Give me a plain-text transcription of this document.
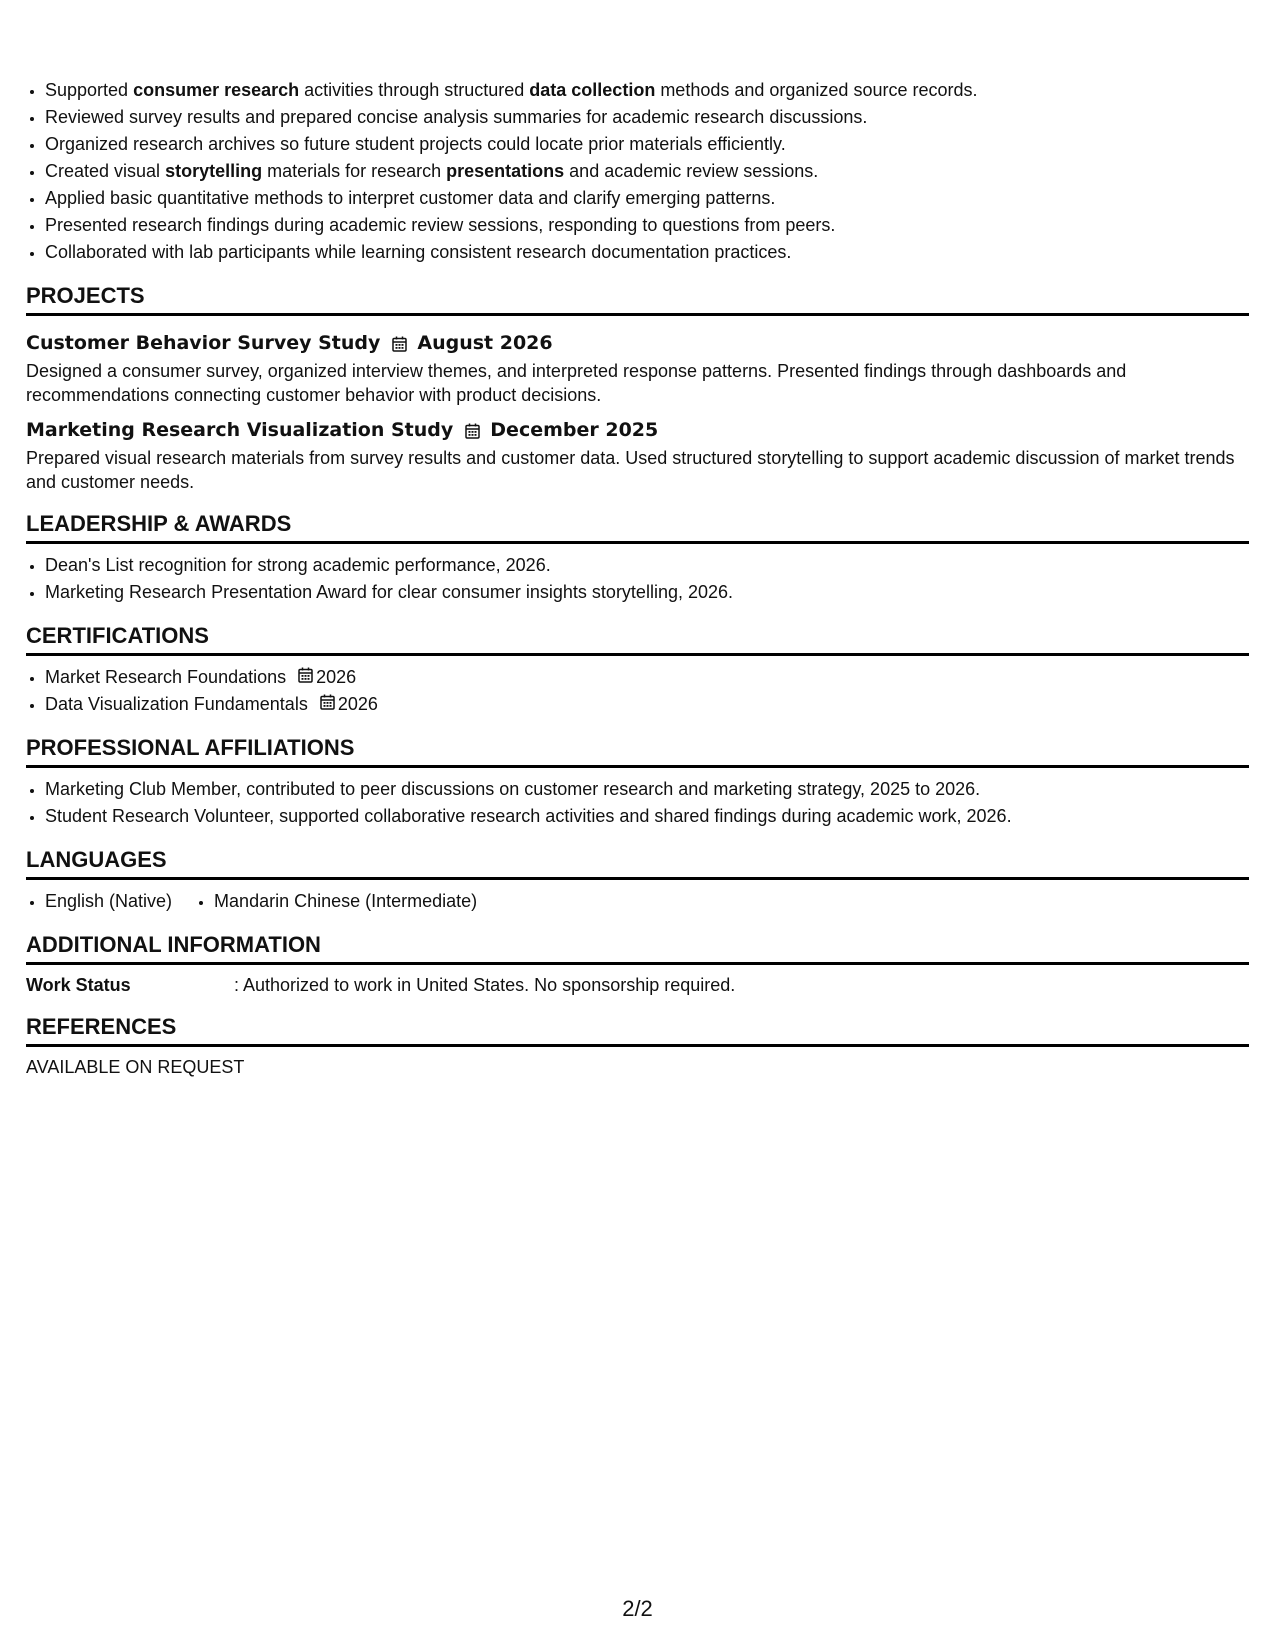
• Supported consumer research activities through structured data collection methods and organized source records.
• Reviewed survey results and prepared concise analysis summaries for academic research discussions.
• Organized research archives so future student projects could locate prior materials efficiently.
• Created visual storytelling materials for research presentations and academic review sessions.
• Applied basic quantitative methods to interpret customer data and clarify emerging patterns.
• Presented research findings during academic review sessions, responding to questions from peers.
• Collaborated with lab participants while learning consistent research documentation practices.
PROJECTS
Customer Behavior Survey Study August 2026
Designed a consumer survey, organized interview themes, and interpreted response patterns. Presented findings through dashboards and recommendations connecting customer behavior with product decisions.
Marketing Research Visualization Study December 2025
Prepared visual research materials from survey results and customer data. Used structured storytelling to support academic discussion of market trends and customer needs.
LEADERSHIP & AWARDS
• Dean's List recognition for strong academic performance, 2026.
• Marketing Research Presentation Award for clear consumer insights storytelling, 2026.
CERTIFICATIONS
• Market Research Foundations 2026
• Data Visualization Fundamentals 2026
PROFESSIONAL AFFILIATIONS
• Marketing Club Member, contributed to peer discussions on customer research and marketing strategy, 2025 to 2026.
• Student Research Volunteer, supported collaborative research activities and shared findings during academic work, 2026.
LANGUAGES
• English (Native)
• Mandarin Chinese (Intermediate)
ADDITIONAL INFORMATION
Work Status	: Authorized to work in United States. No sponsorship required.
REFERENCES
AVAILABLE ON REQUEST
2/2
